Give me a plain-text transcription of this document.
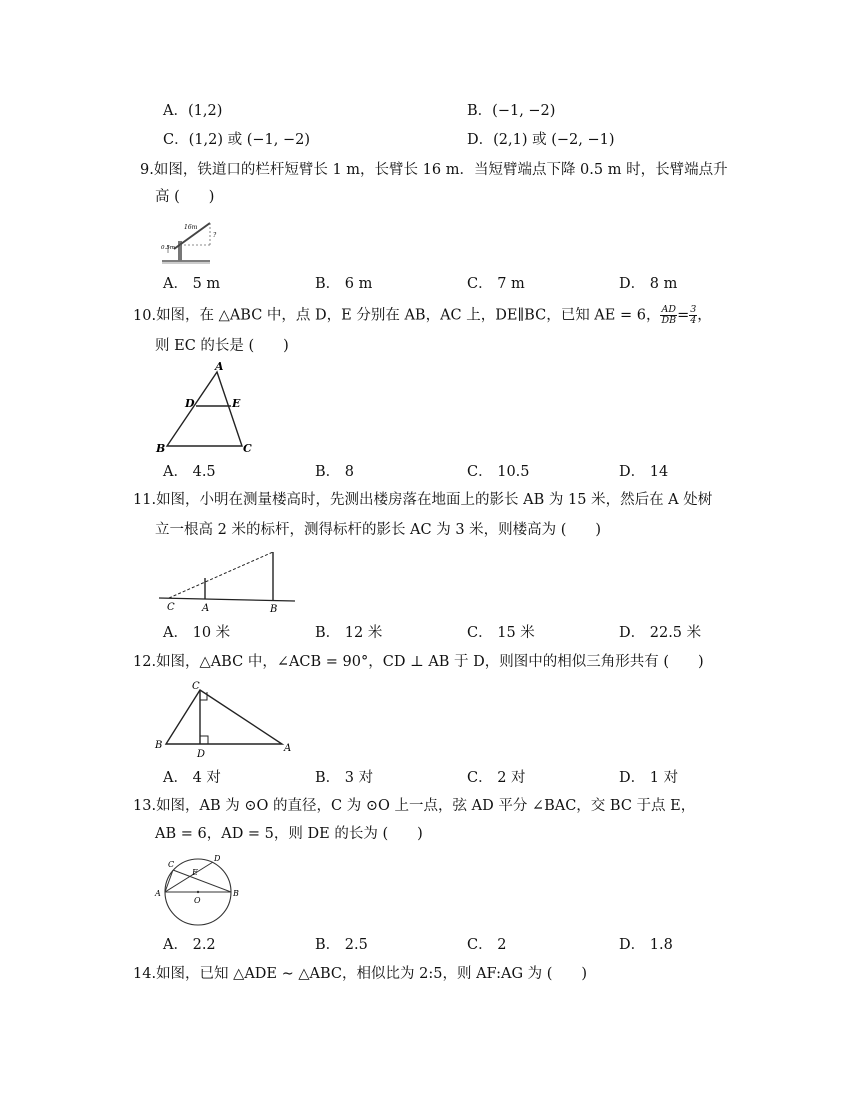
A．(1,2)	B．(−1, −2)
C．(1,2) 或 (−1, −2)	D．(2,1) 或 (−2, −1)
9.如图，铁道口的栏杆短臂长 1 m，长臂长 16 m．当短臂端点下降 0.5 m 时，长臂端点升
高 (　　)
16m
0.5m
?
A． 5 m	B． 6 m	C． 7 m	D． 8 m
10.如图，在 △ABC 中，点 D，E 分别在 AB，AC 上，DE∥BC，已知 AE = 6， $\frac{AD}{DB} = \frac{3}{4}$ ，
则 EC 的长是 (　　)
A
B	C
D	E
A． 4.5	B． 8	C． 10.5	D． 14
11.如图，小明在测量楼高时，先测出楼房落在地面上的影长 AB 为 15 米，然后在 A 处树
立一根高 2 米的标杆，测得标杆的影长 AC 为 3 米，则楼高为 (　　)
C	A	B
A． 10 米	B． 12 米	C． 15 米	D． 22.5 米
12.如图，△ABC 中，∠ACB = 90°，CD ⊥ AB 于 D，则图中的相似三角形共有 (　　)
C
B	A
D
A． 4 对	B． 3 对	C． 2 对	D． 1 对
13.如图，AB 为 ⊙O 的直径，C 为 ⊙O 上一点，弦 AD 平分 ∠BAC，交 BC 于点 E，
AB = 6，AD = 5，则 DE 的长为 (　　)
A	B
C
D
E
O
A． 2.2	B． 2.5	C． 2	D． 1.8
14.如图，已知 △ADE ∼ △ABC，相似比为 2:5，则 AF:AG 为 (　　)
